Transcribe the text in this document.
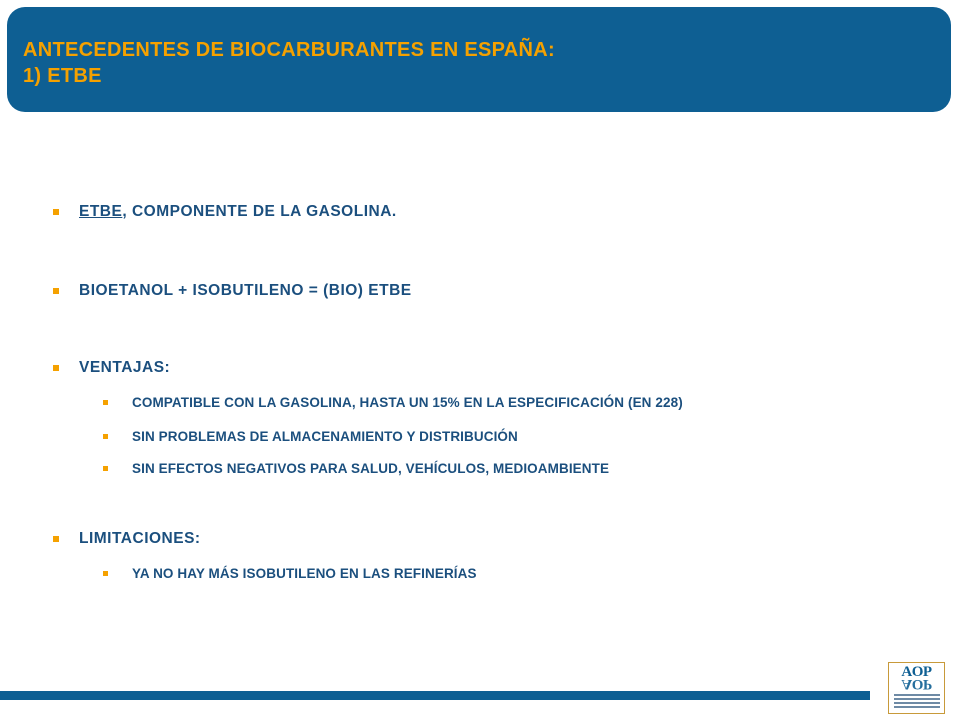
ANTECEDENTES DE BIOCARBURANTES EN ESPAÑA:
1) ETBE
ETBE, COMPONENTE DE LA GASOLINA.
BIOETANOL + ISOBUTILENO = (BIO) ETBE
VENTAJAS:
COMPATIBLE CON LA GASOLINA, HASTA UN 15% EN LA ESPECIFICACIÓN (EN 228)
SIN PROBLEMAS DE ALMACENAMIENTO Y DISTRIBUCIÓN
SIN EFECTOS NEGATIVOS PARA SALUD, VEHÍCULOS, MEDIOAMBIENTE
LIMITACIONES:
YA NO HAY MÁS ISOBUTILENO EN LAS REFINERÍAS
AOP
AOP
